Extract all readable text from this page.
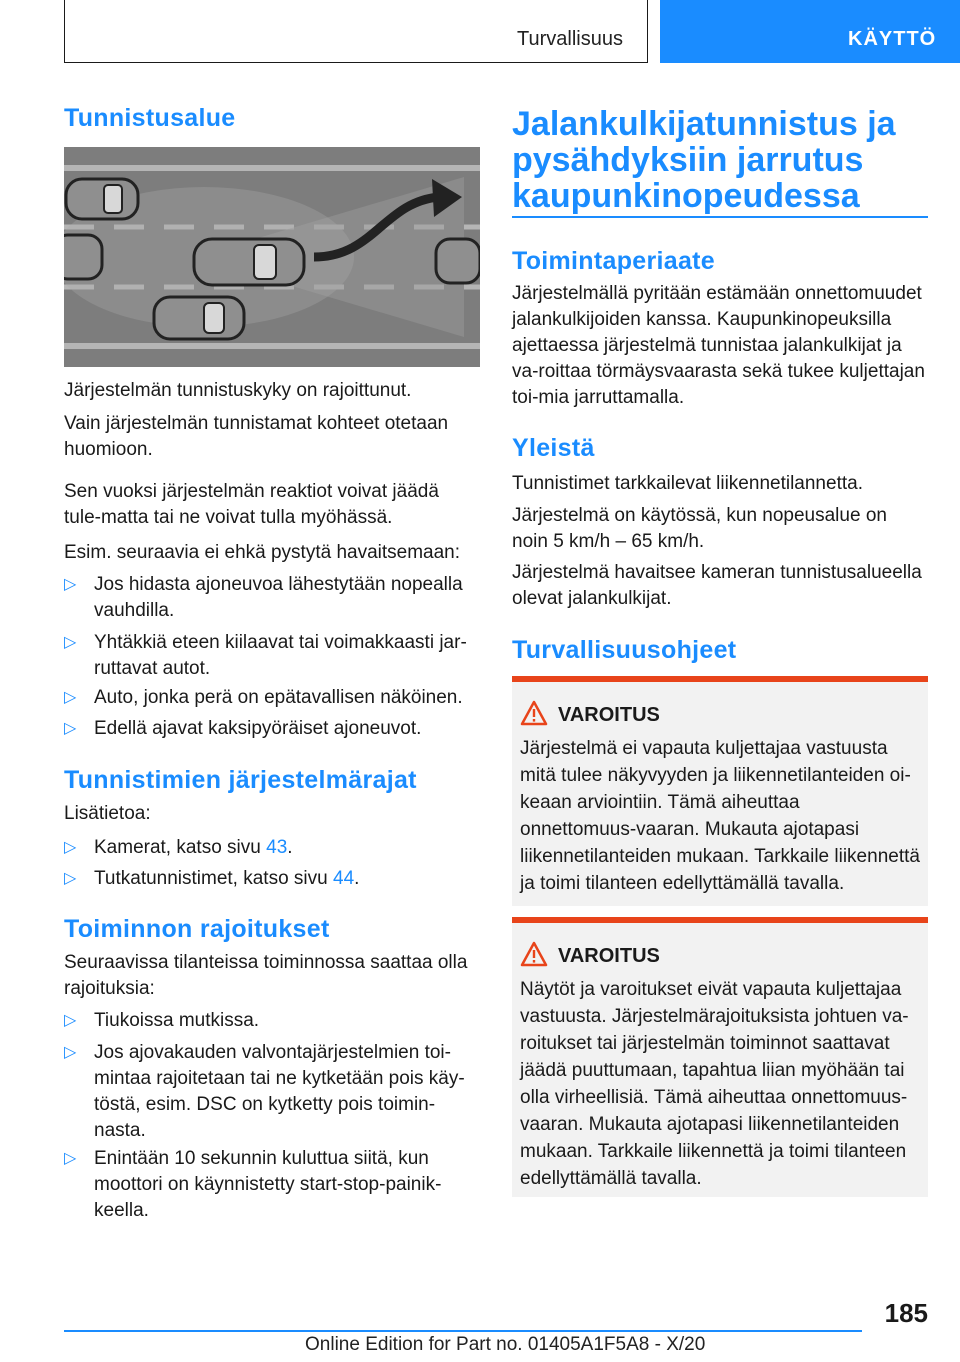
Turvallisuus	KÄYTTÖ
Tunnistusalue

Järjestelmän tunnistuskyky on rajoittunut.

Vain järjestelmän tunnistamat kohteet otetaan huomioon.

Sen vuoksi järjestelmän reaktiot voivat jäädä tule-matta tai ne voivat tulla myöhässä.

Esim. seuraavia ei ehkä pystytä havaitsemaan:

▷ Jos hidasta ajoneuvoa lähestytään nopealla vauhdilla.
▷ Yhtäkkiä eteen kiilaavat tai voimakkaasti jar-ruttavat autot.
▷ Auto, jonka perä on epätavallisen näköinen.
▷ Edellä ajavat kaksipyöräiset ajoneuvot.
Tunnistimien järjestelmärajat

Lisätietoa:

▷ Kamerat, katso sivu 43.
▷ Tutkatunnistimet, katso sivu 44.
Toiminnon rajoitukset

Seuraavissa tilanteissa toiminnossa saattaa olla rajoituksia:

▷ Tiukoissa mutkissa.
▷ Jos ajovakauden valvontajärjestelmien toi-mintaa rajoitetaan tai ne kytketään pois käy-töstä, esim. DSC on kytketty pois toimin-nasta.
▷ Enintään 10 sekunnin kuluttua siitä, kun moottori on käynnistetty start-stop-painik-keella.
Jalankulkijatunnistus ja pysähdyksiin jarrutus kaupunkinopeudessa
Toimintaperiaate

Järjestelmällä pyritään estämään onnettomuudet jalankulkijoiden kanssa. Kaupunkinopeuksilla ajettaessa järjestelmä tunnistaa jalankulkijat ja va-roittaa törmäysvaarasta sekä tukee kuljettajan toi-mia jarruttamalla.

Yleistä

Tunnistimet tarkkailevat liikennetilannetta.

Järjestelmä on käytössä, kun nopeusalue on noin 5 km/h – 65 km/h.

Järjestelmä havaitsee kameran tunnistusalueella olevat jalankulkijat.

Turvallisuusohjeet
VAROITUS

Järjestelmä ei vapauta kuljettajaa vastuusta mitä tulee näkyvyyden ja liikennetilanteiden oi-keaan arviointiin. Tämä aiheuttaa onnettomuus-vaaran. Mukauta ajotapasi liikennetilanteiden mukaan. Tarkkaile liikennettä ja toimi tilanteen edellyttämällä tavalla.

VAROITUS

Näytöt ja varoitukset eivät vapauta kuljettajaa vastuusta. Järjestelmärajoituksista johtuen va-roitukset tai järjestelmän toiminnot saattavat jäädä puuttumaan, tapahtua liian myöhään tai olla virheellisiä. Tämä aiheuttaa onnettomuus-vaaran. Mukauta ajotapasi liikennetilanteiden mukaan. Tarkkaile liikennettä ja toimi tilanteen edellyttämällä tavalla.

185
Online Edition for Part no. 01405A1F5A8 - X/20
